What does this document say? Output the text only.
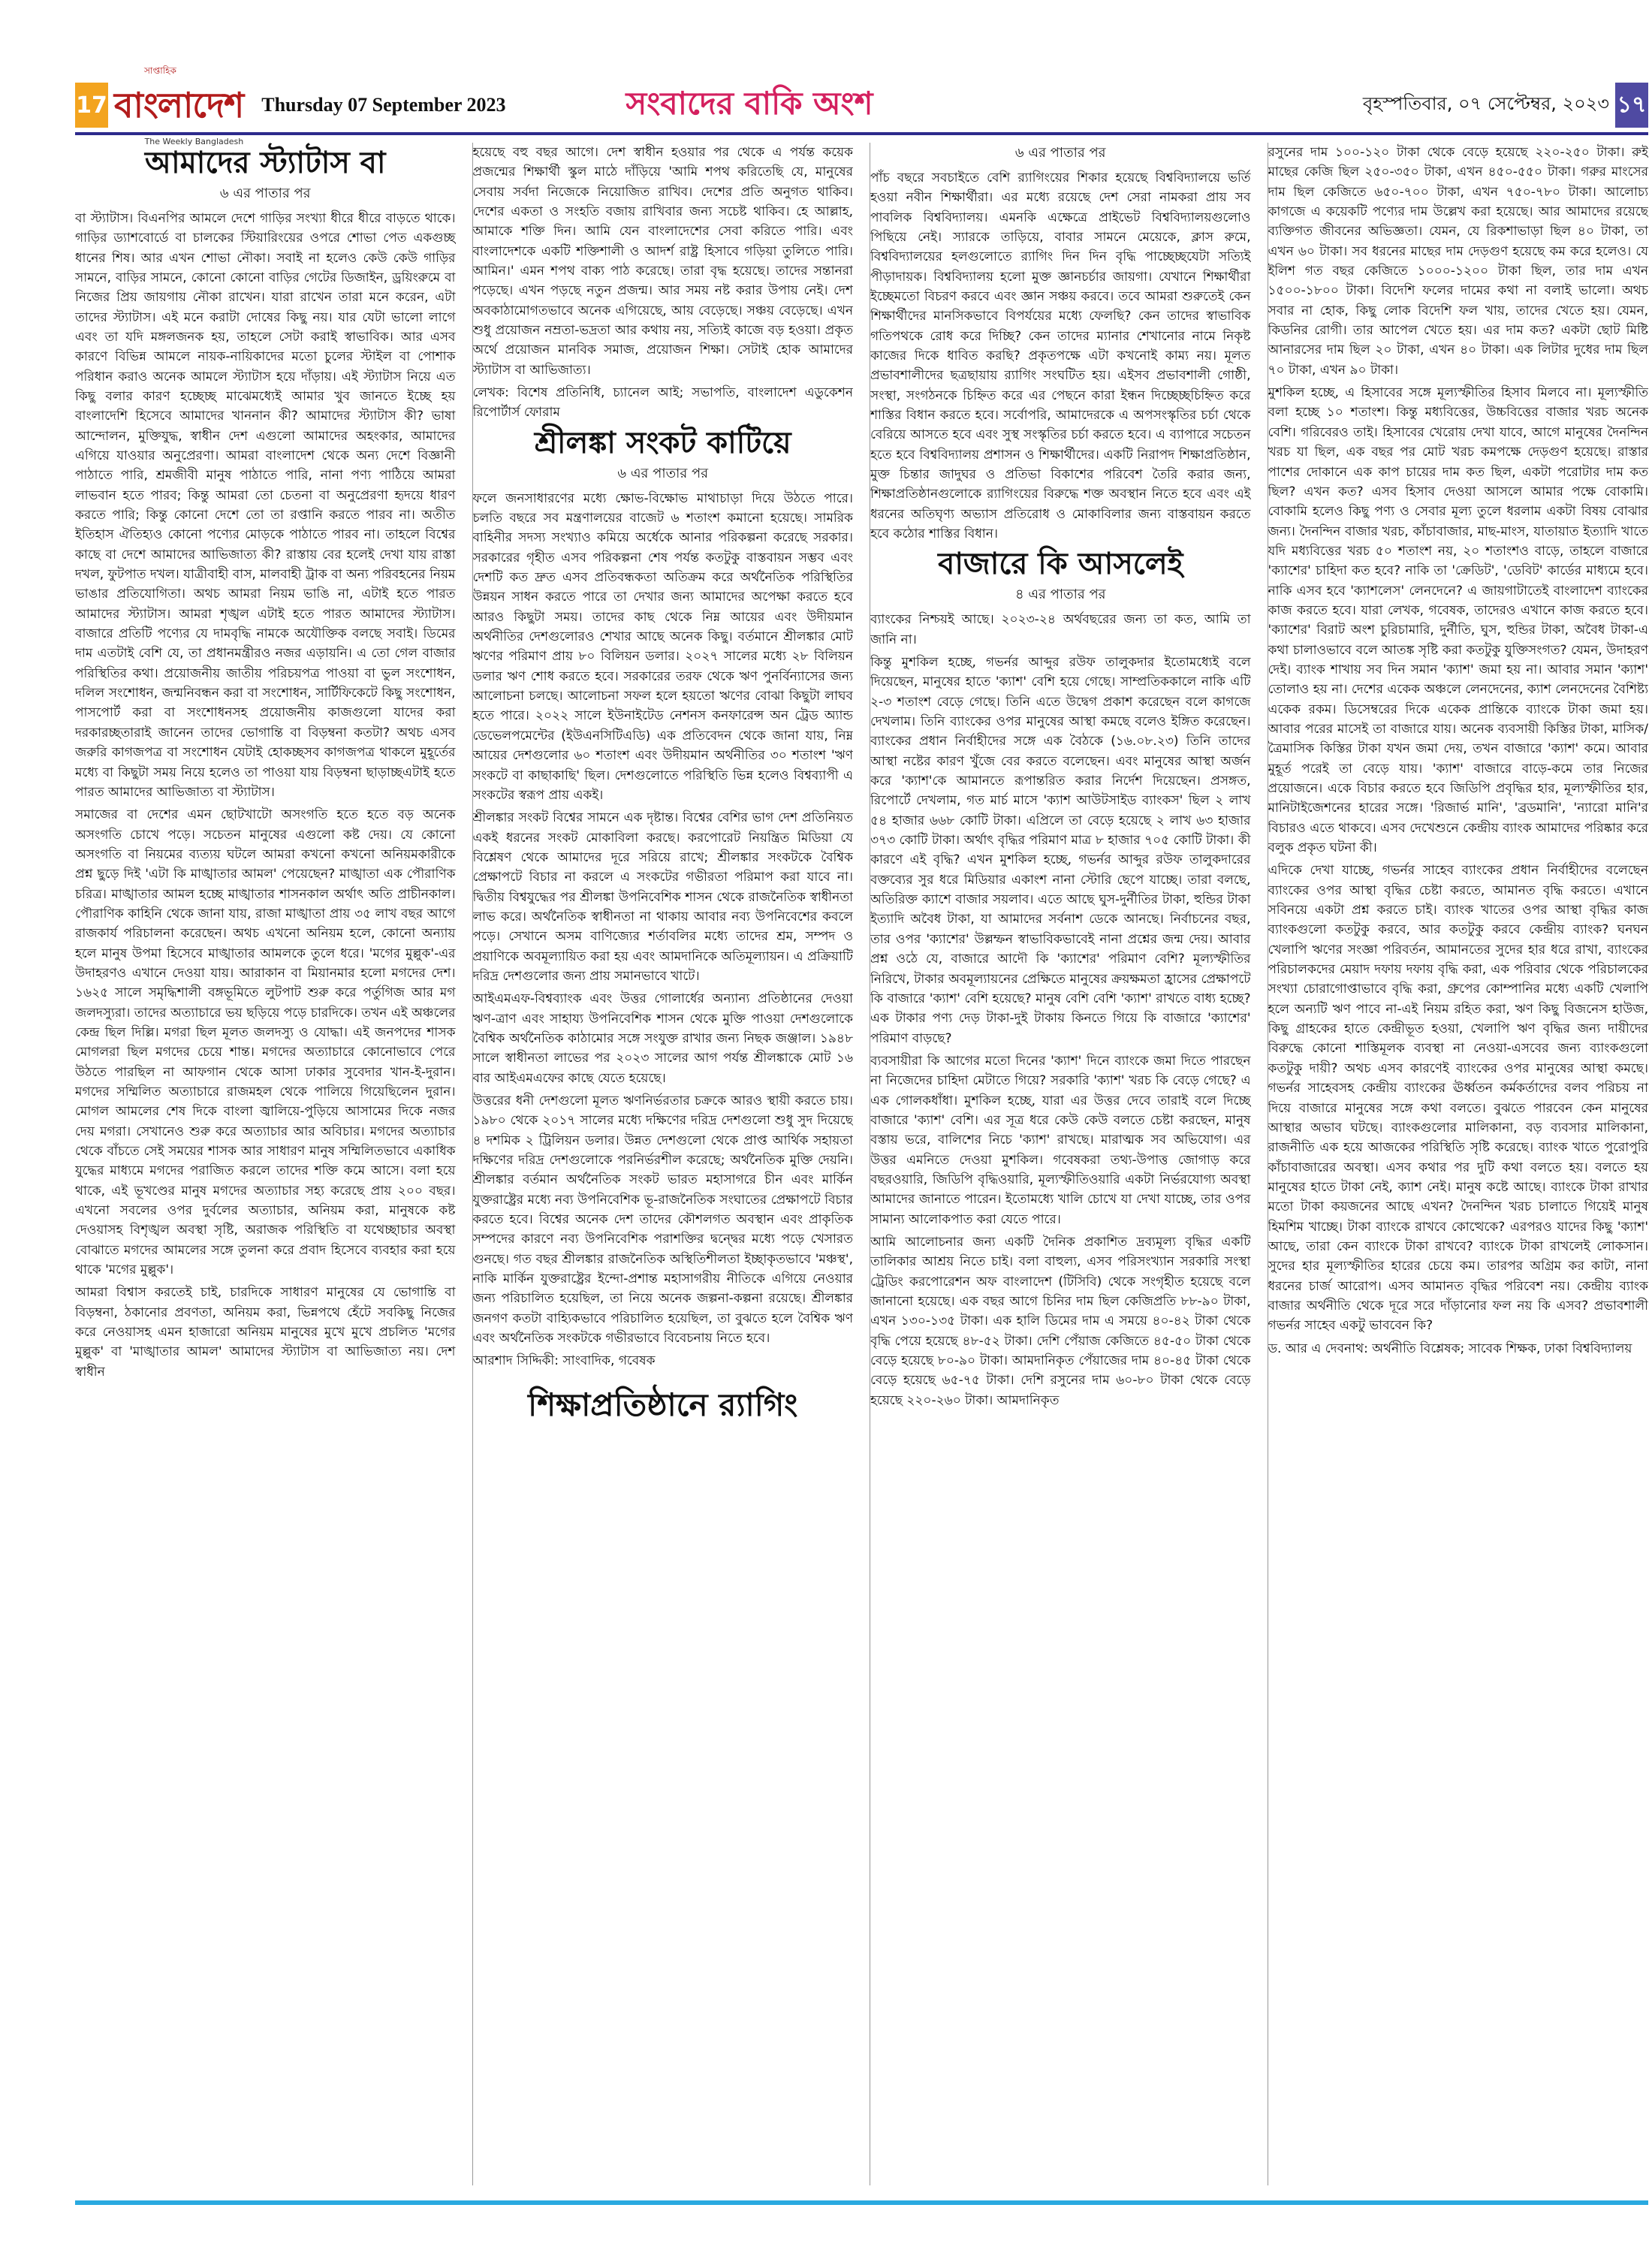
17
সাপ্তাহিক
বাংলাদেশ
The Weekly Bangladesh
Thursday 07 September 2023	সংবাদের বাকি অংশ	বৃহস্পতিবার, ০৭ সেপ্টেম্বর, ২০২৩ ১৭
আমাদের স্ট্যাটাস বা
৬ এর পাতার পর

বা স্ট্যাটাস। বিএনপির আমলে দেশে গাড়ির সংখ্যা ধীরে ধীরে বাড়তে থাকে। গাড়ির ড্যাশবোর্ডে বা চালকের স্টিয়ারিংয়ের ওপরে শোভা পেত একগুচ্ছ ধানের শিষ। আর এখন শোভা নৌকা। সবাই না হলেও কেউ কেউ গাড়ির সামনে, বাড়ির সামনে, কোনো কোনো বাড়ির গেটের ডিজাইন, ড্রয়িংরুমে বা নিজের প্রিয় জায়গায় নৌকা রাখেন। যারা রাখেন তারা মনে করেন, এটা তাদের স্ট্যাটাস। এই মনে করাটা দোষের কিছু নয়। যার যেটা ভালো লাগে এবং তা যদি মঙ্গলজনক হয়, তাহলে সেটা করাই স্বাভাবিক। আর এসব কারণে বিভিন্ন আমলে নায়ক-নায়িকাদের মতো চুলের স্টাইল বা পোশাক পরিধান করাও অনেক আমলে স্ট্যাটাস হয়ে দাঁড়ায়। এই স্ট্যাটাস নিয়ে এত কিছু বলার কারণ হচ্ছেচ্ছ মাঝেমধ্যেই আমার খুব জানতে ইচ্ছে হয় বাংলাদেশি হিসেবে আমাদের খাননান কী? আমাদের স্ট্যাটাস কী? ভাষা আন্দোলন, মুক্তিযুদ্ধ, স্বাধীন দেশ এগুলো আমাদের অহংকার, আমাদের এগিয়ে যাওয়ার অনুপ্রেরণা। আমরা বাংলাদেশ থেকে অন্য দেশে বিজ্ঞানী পাঠাতে পারি, শ্রমজীবী মানুষ পাঠাতে পারি, নানা পণ্য পাঠিয়ে আমরা লাভবান হতে পারব; কিন্তু আমরা তো চেতনা বা অনুপ্রেরণা হৃদয়ে ধারণ করতে পারি; কিন্তু কোনো দেশে তো তা রপ্তানি করতে পারব না। অতীত ইতিহাস ঐতিহ্যও কোনো পণ্যের মোড়কে পাঠাতে পারব না। তাহলে বিশ্বের কাছে বা দেশে আমাদের আভিজাত্য কী? রাস্তায় বের হলেই দেখা যায় রাস্তা দখল, ফুটপাত দখল। যাত্রীবাহী বাস, মালবাহী ট্রাক বা অন্য পরিবহনের নিয়ম ভাঙার প্রতিযোগিতা। অথচ আমরা নিয়ম ভাঙি না, এটাই হতে পারত আমাদের স্ট্যাটাস। আমরা শৃঙ্খল এটাই হতে পারত আমাদের স্ট্যাটাস। বাজারে প্রতিটি পণ্যের যে দামবৃদ্ধি নামকে অযৌক্তিক বলছে সবাই। ডিমের দাম এতটাই বেশি যে, তা প্রধানমন্ত্রীরও নজর এড়ায়নি। এ তো গেল বাজার পরিস্থিতির কথা। প্রয়োজনীয় জাতীয় পরিচয়পত্র পাওয়া বা ভুল সংশোধন, দলিল সংশোধন, জন্মনিবন্ধন করা বা সংশোধন, সার্টিফিকেটে কিছু সংশোধন, পাসপোর্ট করা বা সংশোধনসহ প্রয়োজনীয় কাজগুলো যাদের করা দরকারচ্ছতারাই জানেন তাদের ভোগান্তি বা বিড়ম্বনা কতটা? অথচ এসব জরুরি কাগজপত্র বা সংশোধন যেটাই হোকচ্ছসব কাগজপত্র থাকলে মুহূর্তের মধ্যে বা কিছুটা সময় নিয়ে হলেও তা পাওয়া যায় বিড়ম্বনা ছাড়াচ্ছএটাই হতে পারত আমাদের আভিজাত্য বা স্ট্যাটাস।

সমাজের বা দেশের এমন ছোটখাটো অসংগতি হতে হতে বড় অনেক অসংগতি চোখে পড়ে। সচেতন মানুষের এগুলো কষ্ট দেয়। যে কোনো অসংগতি বা নিয়মের ব্যত্যয় ঘটলে আমরা কখনো কখনো অনিয়মকারীকে প্রশ্ন ছুড়ে দিই 'এটা কি মাঙ্খাতার আমল' পেয়েছেন? মাঙ্খাতা এক পৌরাণিক চরিত্র। মাঙ্খাতার আমল হচ্ছে মাঙ্খাতার শাসনকাল অর্থাৎ অতি প্রাচীনকাল। পৌরাণিক কাহিনি থেকে জানা যায়, রাজা মাঙ্খাতা প্রায় ৩৫ লাখ বছর আগে রাজকার্য পরিচালনা করেছেন। অথচ এখনো অনিয়ম হলে, কোনো অন্যায় হলে মানুষ উপমা হিসেবে মাঙ্খাতার আমলকে তুলে ধরে। 'মগের মুল্লুক'-এর উদাহরণও এখানে দেওয়া যায়। আরাকান বা মিয়ানমার হলো মগদের দেশ। ১৬২৫ সালে সমৃদ্ধিশালী বঙ্গভূমিতে লুটপাট শুরু করে পর্তুগিজ আর মগ জলদস্যুরা। তাদের অত্যাচারে ভয় ছড়িয়ে পড়ে চারদিকে। তখন এই অঞ্চলের কেন্দ্র ছিল দিল্লি। মগরা ছিল মূলত জলদস্যু ও যোদ্ধা। এই জনপদের শাসক মোগলরা ছিল মগদের চেয়ে শান্ত। মগদের অত্যাচারে কোনোভাবে পেরে উঠতে পারছিল না আফগান থেকে আসা ঢাকার সুবেদার খান-ই-দুরান। মগদের সম্মিলিত অত্যাচারে রাজমহল থেকে পালিয়ে গিয়েছিলেন দুরান। মোগল আমলের শেষ দিকে বাংলা জ্বালিয়ে-পুড়িয়ে আসামের দিকে নজর দেয় মগরা। সেখানেও শুরু করে অত্যাচার আর অবিচার। মগদের অত্যাচার থেকে বাঁচতে সেই সময়ের শাসক আর সাধারণ মানুষ সম্মিলিতভাবে একাধিক যুদ্ধের মাধ্যমে মগদের পরাজিত করলে তাদের শক্তি কমে আসে। বলা হয়ে থাকে, এই ভূখণ্ডের মানুষ মগদের অত্যাচার সহ্য করেছে প্রায় ২০০ বছর। এখনো সবলের ওপর দুর্বলের অত্যাচার, অনিয়ম করা, মানুষকে কষ্ট দেওয়াসহ বিশৃঙ্খল অবস্থা সৃষ্টি, অরাজক পরিস্থিতি বা যথেচ্ছাচার অবস্থা বোঝাতে মগদের আমলের সঙ্গে তুলনা করে প্রবাদ হিসেবে ব্যবহার করা হয়ে থাকে 'মগের মুল্লুক'।

আমরা বিশ্বাস করতেই চাই, চারদিকে সাধারণ মানুষের যে ভোগান্তি বা বিড়ম্বনা, ঠকানোর প্রবণতা, অনিয়ম করা, ভিন্নপথে হেঁটে সবকিছু নিজের করে নেওয়াসহ এমন হাজারো অনিয়ম মানুষের মুখে মুখে প্রচলিত 'মগের মুল্লুক' বা 'মাঙ্খাতার আমল' আমাদের স্ট্যাটাস বা আভিজাত্য নয়। দেশ স্বাধীন

হয়েছে বহু বছর আগে। দেশ স্বাধীন হওয়ার পর থেকে এ পর্যন্ত কয়েক প্রজন্মের শিক্ষার্থী স্কুল মাঠে দাঁড়িয়ে 'আমি শপথ করিতেছি যে, মানুষের সেবায় সর্বদা নিজেকে নিয়োজিত রাখিব। দেশের প্রতি অনুগত থাকিব। দেশের একতা ও সংহতি বজায় রাখিবার জন্য সচেষ্ট থাকিব। হে আল্লাহ, আমাকে শক্তি দিন। আমি যেন বাংলাদেশের সেবা করিতে পারি। এবং বাংলাদেশকে একটি শক্তিশালী ও আদর্শ রাষ্ট্র হিসাবে গড়িয়া তুলিতে পারি। আমিন।' এমন শপথ বাক্য পাঠ করেছে। তারা বৃদ্ধ হয়েছে। তাদের সন্তানরা পড়েছে। এখন পড়ছে নতুন প্রজন্ম। আর সময় নষ্ট করার উপায় নেই। দেশ অবকাঠামোগতভাবে অনেক এগিয়েছে, আয় বেড়েছে। সঞ্চয় বেড়েছে। এখন শুধু প্রয়োজন নম্রতা-ভদ্রতা আর কথায় নয়, সত্যিই কাজে বড় হওয়া। প্রকৃত অর্থে প্রয়োজন মানবিক সমাজ, প্রয়োজন শিক্ষা। সেটাই হোক আমাদের স্ট্যাটাস বা আভিজাত্য।

লেখক: বিশেষ প্রতিনিধি, চ্যানেল আই; সভাপতি, বাংলাদেশ এডুকেশন রিপোর্টার্স ফোরাম

শ্রীলঙ্কা সংকট কাটিয়ে
৬ এর পাতার পর

ফলে জনসাধারণের মধ্যে ক্ষোভ-বিক্ষোভ মাথাচাড়া দিয়ে উঠতে পারে। চলতি বছরে সব মন্ত্রণালয়ের বাজেট ৬ শতাংশ কমানো হয়েছে। সামরিক বাহিনীর সদস্য সংখ্যাও কমিয়ে অর্ধেকে আনার পরিকল্পনা করেছে সরকার। সরকারের গৃহীত এসব পরিকল্পনা শেষ পর্যন্ত কতটুকু বাস্তবায়ন সম্ভব এবং দেশটি কত দ্রুত এসব প্রতিবন্ধকতা অতিক্রম করে অর্থনৈতিক পরিস্থিতির উন্নয়ন সাধন করতে পারে তা দেখার জন্য আমাদের অপেক্ষা করতে হবে আরও কিছুটা সময়। তাদের কাছ থেকে নিম্ন আয়ের এবং উদীয়মান অর্থনীতির দেশগুলোরও শেখার আছে অনেক কিছু। বর্তমানে শ্রীলঙ্কার মোট ঋণের পরিমাণ প্রায় ৮০ বিলিয়ন ডলার। ২০২৭ সালের মধ্যে ২৮ বিলিয়ন ডলার ঋণ শোধ করতে হবে। সরকারের তরফ থেকে ঋণ পুনর্বিন্যাসের জন্য আলোচনা চলছে। আলোচনা সফল হলে হয়তো ঋণের বোঝা কিছুটা লাঘব হতে পারে। ২০২২ সালে ইউনাইটেড নেশনস কনফারেন্স অন ট্রেড অ্যান্ড ডেভেলপমেন্টের (ইউএনসিটিএডি) এক প্রতিবেদন থেকে জানা যায়, নিম্ন আয়ের দেশগুলোর ৬০ শতাংশ এবং উদীয়মান অর্থনীতির ৩০ শতাংশ 'ঋণ সংকটে বা কাছাকাছি' ছিল। দেশগুলোতে পরিস্থিতি ভিন্ন হলেও বিশ্বব্যাপী এ সংকটের স্বরূপ প্রায় একই।

শ্রীলঙ্কার সংকট বিশ্বের সামনে এক দৃষ্টান্ত। বিশ্বের বেশির ভাগ দেশ প্রতিনিয়ত একই ধরনের সংকট মোকাবিলা করছে। করপোরেট নিয়ন্ত্রিত মিডিয়া যে বিশ্লেষণ থেকে আমাদের দূরে সরিয়ে রাখে; শ্রীলঙ্কার সংকটকে বৈশ্বিক প্রেক্ষাপটে বিচার না করলে এ সংকটের গভীরতা পরিমাপ করা যাবে না। দ্বিতীয় বিশ্বযুদ্ধের পর শ্রীলঙ্কা উপনিবেশিক শাসন থেকে রাজনৈতিক স্বাধীনতা লাভ করে। অর্থনৈতিক স্বাধীনতা না থাকায় আবার নব্য উপনিবেশের কবলে পড়ে। সেখানে অসম বাণিজ্যের শর্তাবলির মধ্যে তাদের শ্রম, সম্পদ ও প্রয়াণিকে অবমূল্যায়িত করা হয় এবং আমদানিকে অতিমূল্যায়ন। এ প্রক্রিয়াটি দরিদ্র দেশগুলোর জন্য প্রায় সমানভাবে খাটে।

আইএমএফ-বিশ্বব্যাংক এবং উত্তর গোলার্ধের অন্যান্য প্রতিষ্ঠানের দেওয়া ঋণ-ত্রাণ এবং সাহায্য উপনিবেশিক শাসন থেকে মুক্তি পাওয়া দেশগুলোকে বৈশ্বিক অর্থনৈতিক কাঠামোর সঙ্গে সংযুক্ত রাখার জন্য নিছক জঞ্জাল। ১৯৪৮ সালে স্বাধীনতা লাভের পর ২০২৩ সালের আগ পর্যন্ত শ্রীলঙ্কাকে মোট ১৬ বার আইএমএফের কাছে যেতে হয়েছে।

উত্তরের ধনী দেশগুলো মূলত ঋণনির্ভরতার চক্রকে আরও স্থায়ী করতে চায়। ১৯৮০ থেকে ২০১৭ সালের মধ্যে দক্ষিণের দরিদ্র দেশগুলো শুধু সুদ দিয়েছে ৪ দশমিক ২ ট্রিলিয়ন ডলার। উন্নত দেশগুলো থেকে প্রাপ্ত আর্থিক সহায়তা দক্ষিণের দরিদ্র দেশগুলোকে পরনির্ভরশীল করেছে; অর্থনৈতিক মুক্তি দেয়নি। শ্রীলঙ্কার বর্তমান অর্থনৈতিক সংকট ভারত মহাসাগরে চীন এবং মার্কিন যুক্তরাষ্ট্রের মধ্যে নব্য উপনিবেশিক ভূ-রাজনৈতিক সংঘাতের প্রেক্ষাপটে বিচার করতে হবে। বিশ্বের অনেক দেশ তাদের কৌশলগত অবস্থান এবং প্রাকৃতিক সম্পদের কারণে নব্য উপনিবেশিক পরাশক্তির দ্বন্দ্বের মধ্যে পড়ে খেসারত গুনছে। গত বছর শ্রীলঙ্কার রাজনৈতিক অস্থিতিশীলতা ইচ্ছাকৃতভাবে 'মঞ্চস্থ', নাকি মার্কিন যুক্তরাষ্ট্রের ইন্দো-প্রশান্ত মহাসাগরীয় নীতিকে এগিয়ে নেওয়ার জন্য পরিচালিত হয়েছিল, তা নিয়ে অনেক জল্পনা-কল্পনা রয়েছে। শ্রীলঙ্কার জনগণ কতটা বাহ্যিকভাবে পরিচালিত হয়েছিল, তা বুঝতে হলে বৈশ্বিক ঋণ এবং অর্থনৈতিক সংকটকে গভীরভাবে বিবেচনায় নিতে হবে।

আরশাদ সিদ্দিকী: সাংবাদিক, গবেষক

শিক্ষাপ্রতিষ্ঠানে র‍্যাগিং
৬ এর পাতার পর

পাঁচ বছরে সবচাইতে বেশি র‍্যাগিংয়ের শিকার হয়েছে বিশ্ববিদ্যালয়ে ভর্তি হওয়া নবীন শিক্ষার্থীরা। এর মধ্যে রয়েছে দেশ সেরা নামকরা প্রায় সব পাবলিক বিশ্ববিদ্যালয়। এমনকি এক্ষেত্রে প্রাইভেট বিশ্ববিদ্যালয়গুলোও পিছিয়ে নেই। স্যারকে তাড়িয়ে, বাবার সামনে মেয়েকে, ক্লাস রুমে, বিশ্ববিদ্যালয়ের হলগুলোতে র‍্যাগিং দিন দিন বৃদ্ধি পাচ্ছেচ্ছযেটা সত্যিই পীড়াদায়ক। বিশ্ববিদ্যালয় হলো মুক্ত জ্ঞানচর্চার জায়গা। যেখানে শিক্ষার্থীরা ইচ্ছেমতো বিচরণ করবে এবং জ্ঞান সঞ্চয় করবে। তবে আমরা শুরুতেই কেন শিক্ষার্থীদের মানসিকভাবে বিপর্যয়ের মধ্যে ফেলছি? কেন তাদের স্বাভাবিক গতিপথকে রোধ করে দিচ্ছি? কেন তাদের ম্যানার শেখানোর নামে নিকৃষ্ট কাজের দিকে ধাবিত করছি? প্রকৃতপক্ষে এটা কখনোই কাম্য নয়। মূলত প্রভাবশালীদের ছত্রছায়ায় র‍্যাগিং সংঘটিত হয়। এইসব প্রভাবশালী গোষ্ঠী, সংস্থা, সংগঠনকে চিহ্নিত করে এর পেছনে কারা ইন্ধন দিচ্ছেচ্ছচিহ্নিত করে শাস্তির বিধান করতে হবে। সর্বোপরি, আমাদেরকে এ অপসংস্কৃতির চর্চা থেকে বেরিয়ে আসতে হবে এবং সুস্থ সংস্কৃতির চর্চা করতে হবে। এ ব্যাপারে সচেতন হতে হবে বিশ্ববিদ্যালয় প্রশাসন ও শিক্ষার্থীদের। একটি নিরাপদ শিক্ষাপ্রতিষ্ঠান, মুক্ত চিন্তার জাদুঘর ও প্রতিভা বিকাশের পরিবেশ তৈরি করার জন্য, শিক্ষাপ্রতিষ্ঠানগুলোকে র‍্যাগিংয়ের বিরুদ্ধে শক্ত অবস্থান নিতে হবে এবং এই ধরনের অতিঘৃণ্য অভ্যাস প্রতিরোধ ও মোকাবিলার জন্য বাস্তবায়ন করতে হবে কঠোর শাস্তির বিধান।

বাজারে কি আসলেই
৪ এর পাতার পর

ব্যাংকের নিশ্চয়ই আছে। ২০২৩-২৪ অর্থবছরের জন্য তা কত, আমি তা জানি না।

কিন্তু মুশকিল হচ্ছে, গভর্নর আব্দুর রউফ তালুকদার ইতোমধ্যেই বলে দিয়েছেন, মানুষের হাতে 'ক্যাশ' বেশি হয়ে গেছে। সাম্প্রতিককালে নাকি এটি ২-৩ শতাংশ বেড়ে গেছে। তিনি এতে উদ্বেগ প্রকাশ করেছেন বলে কাগজে দেখলাম। তিনি ব্যাংকের ওপর মানুষের আস্থা কমছে বলেও ইঙ্গিত করেছেন। ব্যাংকের প্রধান নির্বাহীদের সঙ্গে এক বৈঠকে (১৬.০৮.২৩) তিনি তাদের আস্থা নষ্টের কারণ খুঁজে বের করতে বলেছেন। এবং মানুষের আস্থা অর্জন করে 'ক্যাশ'কে আমানতে রূপান্তরিত করার নির্দেশ দিয়েছেন। প্রসঙ্গত, রিপোর্টে দেখলাম, গত মার্চ মাসে 'ক্যাশ আউটসাইড ব্যাংকস' ছিল ২ লাখ ৫৪ হাজার ৬৬৮ কোটি টাকা। এপ্রিলে তা বেড়ে হয়েছে ২ লাখ ৬৩ হাজার ৩৭৩ কোটি টাকা। অর্থাৎ বৃদ্ধির পরিমাণ মাত্র ৮ হাজার ৭০৫ কোটি টাকা। কী কারণে এই বৃদ্ধি? এখন মুশকিল হচ্ছে, গভর্নর আব্দুর রউফ তালুকদারের বক্তব্যের সুর ধরে মিডিয়ার একাংশ নানা স্টোরি ছেপে যাচ্ছে। তারা বলছে, অতিরিক্ত ক্যাশে বাজার সয়লাব। এতে আছে ঘুস-দুর্নীতির টাকা, হুন্ডির টাকা ইত্যাদি অবৈধ টাকা, যা আমাদের সর্বনাশ ডেকে আনছে। নির্বাচনের বছর, তার ওপর 'ক্যাশের' উল্লম্ফন স্বাভাবিকভাবেই নানা প্রশ্নের জন্ম দেয়। আবার প্রশ্ন ওঠে যে, বাজারে আদৌ কি 'ক্যাশের' পরিমাণ বেশি? মূল্যস্ফীতির নিরিখে, টাকার অবমূল্যায়নের প্রেক্ষিতে মানুষের ক্রয়ক্ষমতা হ্রাসের প্রেক্ষাপটে কি বাজারে 'ক্যাশ' বেশি হয়েছে? মানুষ বেশি বেশি 'ক্যাশ' রাখতে বাধ্য হচ্ছে? এক টাকার পণ্য দেড় টাকা-দুই টাকায় কিনতে গিয়ে কি বাজারে 'ক্যাশের' পরিমাণ বাড়ছে?

ব্যবসায়ীরা কি আগের মতো দিনের 'ক্যাশ' দিনে ব্যাংকে জমা দিতে পারছেন না নিজেদের চাহিদা মেটাতে গিয়ে? সরকারি 'ক্যাশ' খরচ কি বেড়ে গেছে? এ এক গোলকধাঁধা। মুশকিল হচ্ছে, যারা এর উত্তর দেবে তারাই বলে দিচ্ছে বাজারে 'ক্যাশ' বেশি। এর সূত্র ধরে কেউ কেউ বলতে চেষ্টা করছেন, মানুষ বস্তায় ভরে, বালিশের নিচে 'ক্যাশ' রাখছে। মারাত্মক সব অভিযোগ। এর উত্তর এমনিতে দেওয়া মুশকিল। গবেষকরা তথ্য-উপাত্ত জোগাড় করে বছরওয়ারি, জিডিপি বৃদ্ধিওয়ারি, মূল্যস্ফীতিওয়ারি একটা নির্ভরযোগ্য অবস্থা আমাদের জানাতে পারেন। ইতোমধ্যে খালি চোখে যা দেখা যাচ্ছে, তার ওপর সামান্য আলোকপাত করা যেতে পারে।

আমি আলোচনার জন্য একটি দৈনিক প্রকাশিত দ্রব্যমূল্য বৃদ্ধির একটি তালিকার আশ্রয় নিতে চাই। বলা বাহুল্য, এসব পরিসংখ্যান সরকারি সংস্থা ট্রেডিং করপোরেশন অফ বাংলাদেশ (টিসিবি) থেকে সংগৃহীত হয়েছে বলে জানানো হয়েছে। এক বছর আগে চিনির দাম ছিল কেজিপ্রতি ৮৮-৯০ টাকা, এখন ১৩০-১৩৫ টাকা। এক হালি ডিমের দাম এ সময়ে ৪০-৪২ টাকা থেকে বৃদ্ধি পেয়ে হয়েছে ৪৮-৫২ টাকা। দেশি পেঁয়াজ কেজিতে ৪৫-৫০ টাকা থেকে বেড়ে হয়েছে ৮০-৯০ টাকা। আমদানিকৃত পেঁয়াজের দাম ৪০-৪৫ টাকা থেকে বেড়ে হয়েছে ৬৫-৭৫ টাকা। দেশি রসুনের দাম ৬০-৮০ টাকা থেকে বেড়ে হয়েছে ২২০-২৬০ টাকা। আমদানিকৃত

রসুনের দাম ১০০-১২০ টাকা থেকে বেড়ে হয়েছে ২২০-২৫০ টাকা। রুই মাছের কেজি ছিল ২৫০-৩৫০ টাকা, এখন ৪৫০-৫৫০ টাকা। গরুর মাংসের দাম ছিল কেজিতে ৬৫০-৭০০ টাকা, এখন ৭৫০-৭৮০ টাকা। আলোচ্য কাগজে এ কয়েকটি পণ্যের দাম উল্লেখ করা হয়েছে। আর আমাদের রয়েছে ব্যক্তিগত জীবনের অভিজ্ঞতা। যেমন, যে রিকশাভাড়া ছিল ৪০ টাকা, তা এখন ৬০ টাকা। সব ধরনের মাছের দাম দেড়গুণ হয়েছে কম করে হলেও। যে ইলিশ গত বছর কেজিতে ১০০০-১২০০ টাকা ছিল, তার দাম এখন ১৫০০-১৮০০ টাকা। বিদেশি ফলের দামের কথা না বলাই ভালো। অথচ সবার না হোক, কিছু লোক বিদেশি ফল খায়, তাদের খেতে হয়। যেমন, কিডনির রোগী। তার আপেল খেতে হয়। এর দাম কত? একটা ছোট মিষ্টি আনারসের দাম ছিল ২০ টাকা, এখন ৪০ টাকা। এক লিটার দুধের দাম ছিল ৭০ টাকা, এখন ৯০ টাকা।

মুশকিল হচ্ছে, এ হিসাবের সঙ্গে মূল্যস্ফীতির হিসাব মিলবে না। মূল্যস্ফীতি বলা হচ্ছে ১০ শতাংশ। কিন্তু মধ্যবিত্তের, উচ্চবিত্তের বাজার খরচ অনেক বেশি। গরিবেরও তাই। হিসাবের খেরোয় দেখা যাবে, আগে মানুষের দৈনন্দিন খরচ যা ছিল, এক বছর পর মোট খরচ কমপক্ষে দেড়গুণ হয়েছে। রাস্তার পাশের দোকানে এক কাপ চায়ের দাম কত ছিল, একটা পরোটার দাম কত ছিল? এখন কত? এসব হিসাব দেওয়া আসলে আমার পক্ষে বোকামি। বোকামি হলেও কিছু পণ্য ও সেবার মূল্য তুলে ধরলাম একটা বিষয় বোঝার জন্য। দৈনন্দিন বাজার খরচ, কাঁচাবাজার, মাছ-মাংস, যাতায়াত ইত্যাদি খাতে যদি মধ্যবিত্তের খরচ ৫০ শতাংশ নয়, ২০ শতাংশও বাড়ে, তাহলে বাজারে 'ক্যাশের' চাহিদা কত হবে? নাকি তা 'ক্রেডিট', 'ডেবিট' কার্ডের মাধ্যমে হবে। নাকি এসব হবে 'ক্যাশলেস' লেনদেনে? এ জায়গাটাতেই বাংলাদেশ ব্যাংকের কাজ করতে হবে। যারা লেখক, গবেষক, তাদেরও এখানে কাজ করতে হবে। 'ক্যাশের' বিরাট অংশ চুরিচামারি, দুর্নীতি, ঘুস, হুন্ডির টাকা, অবৈধ টাকা-এ কথা চালাওভাবে বলে আতঙ্ক সৃষ্টি করা কতটুকু যুক্তিসংগত? যেমন, উদাহরণ দেই। ব্যাংক শাখায় সব দিন সমান 'ক্যাশ' জমা হয় না। আবার সমান 'ক্যাশ' তোলাও হয় না। দেশের একেক অঞ্চলে লেনদেনের, ক্যাশ লেনদেনের বৈশিষ্ট্য একেক রকম। ডিসেম্বরের দিকে একেক প্রান্তিকে ব্যাংকে টাকা জমা হয়। আবার পরের মাসেই তা বাজারে যায়। অনেক ব্যবসায়ী কিস্তির টাকা, মাসিক/ত্রৈমাসিক কিস্তির টাকা যখন জমা দেয়, তখন বাজারে 'ক্যাশ' কমে। আবার মুহূর্ত পরেই তা বেড়ে যায়। 'ক্যাশ' বাজারে বাড়ে-কমে তার নিজের প্রয়োজনে। একে বিচার করতে হবে জিডিপি প্রবৃদ্ধির হার, মূল্যস্ফীতির হার, মানিটাইজেশনের হারের সঙ্গে। 'রিজার্ভ মানি', 'ব্রডমানি', 'ন্যারো মানি'র বিচারও এতে থাকবে। এসব দেখেশুনে কেন্দ্রীয় ব্যাংক আমাদের পরিষ্কার করে বলুক প্রকৃত ঘটনা কী।

এদিকে দেখা যাচ্ছে, গভর্নর সাহেব ব্যাংকের প্রধান নির্বাহীদের বলেছেন ব্যাংকের ওপর আস্থা বৃদ্ধির চেষ্টা করতে, আমানত বৃদ্ধি করতে। এখানে সবিনয়ে একটা প্রশ্ন করতে চাই। ব্যাংক খাতের ওপর আস্থা বৃদ্ধির কাজ ব্যাংকগুলো কতটুকু করবে, আর কতটুকু করবে কেন্দ্রীয় ব্যাংক? ঘনঘন খেলাপি ঋণের সংজ্ঞা পরিবর্তন, আমানতের সুদের হার ধরে রাখা, ব্যাংকের পরিচালকদের মেয়াদ দফায় দফায় বৃদ্ধি করা, এক পরিবার থেকে পরিচালকের সংখ্যা চোরাগোপ্তাভাবে বৃদ্ধি করা, গ্রুপের কোম্পানির মধ্যে একটি খেলাপি হলে অন্যটি ঋণ পাবে না-এই নিয়ম রহিত করা, ঋণ কিছু বিজনেস হাউজ, কিছু গ্রাহকের হাতে কেন্দ্রীভূত হওয়া, খেলাপি ঋণ বৃদ্ধির জন্য দায়ীদের বিরুদ্ধে কোনো শাস্তিমূলক ব্যবস্থা না নেওয়া-এসবের জন্য ব্যাংকগুলো কতটুকু দায়ী? অথচ এসব কারণেই ব্যাংকের ওপর মানুষের আস্থা কমছে। গভর্নর সাহেবসহ কেন্দ্রীয় ব্যাংকের ঊর্ধ্বতন কর্মকর্তাদের বলব পরিচয় না দিয়ে বাজারে মানুষের সঙ্গে কথা বলতে। বুঝতে পারবেন কেন মানুষের আস্থার অভাব ঘটছে। ব্যাংকগুলোর মালিকানা, বড় ব্যবসার মালিকানা, রাজনীতি এক হয়ে আজকের পরিস্থিতি সৃষ্টি করেছে। ব্যাংক খাতে পুরোপুরি কাঁচাবাজারের অবস্থা। এসব কথার পর দুটি কথা বলতে হয়। বলতে হয় মানুষের হাতে টাকা নেই, ক্যাশ নেই। মানুষ কষ্টে আছে। ব্যাংকে টাকা রাখার মতো টাকা কয়জনের আছে এখন? দৈনন্দিন খরচ চালাতে গিয়েই মানুষ হিমশিম খাচ্ছে। টাকা ব্যাংকে রাখবে কোত্থেকে? এরপরও যাদের কিছু 'ক্যাশ' আছে, তারা কেন ব্যাংকে টাকা রাখবে? ব্যাংকে টাকা রাখলেই লোকসান। সুদের হার মূল্যস্ফীতির হারের চেয়ে কম। তারপর অগ্রিম কর কাটা, নানা ধরনের চার্জ আরোপ। এসব আমানত বৃদ্ধির পরিবেশ নয়। কেন্দ্রীয় ব্যাংক বাজার অর্থনীতি থেকে দূরে সরে দাঁড়ানোর ফল নয় কি এসব? প্রভাবশালী গভর্নর সাহেব একটু ভাববেন কি?

ড. আর এ দেবনাথ: অর্থনীতি বিশ্লেষক; সাবেক শিক্ষক, ঢাকা বিশ্ববিদ্যালয়
